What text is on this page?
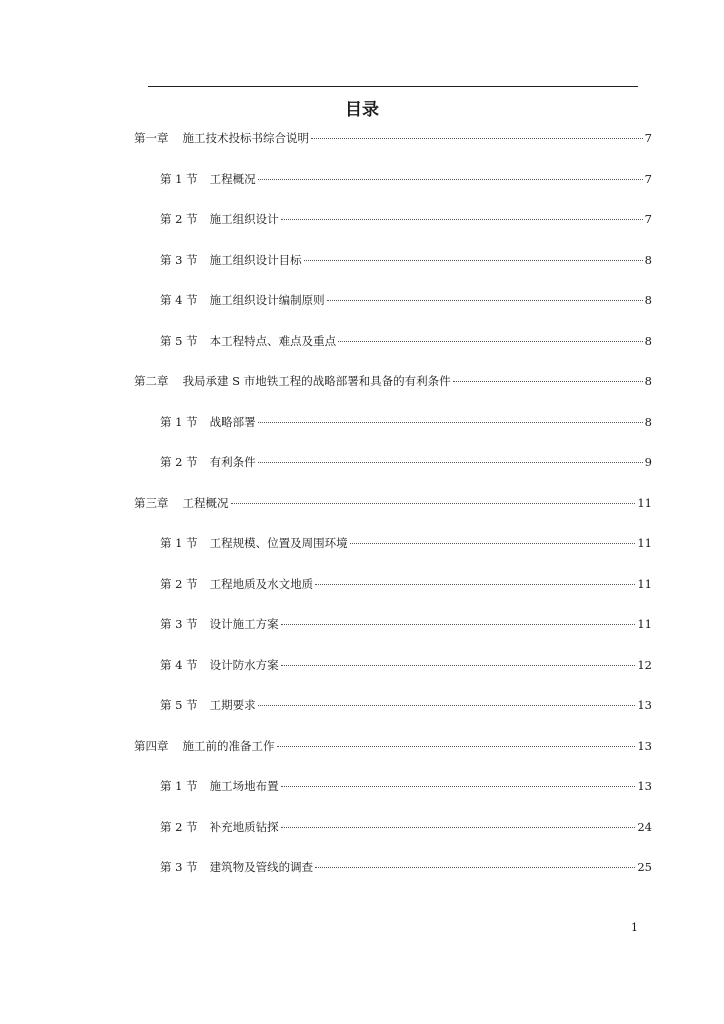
目录
第一章 施工技术投标书综合说明	7
第 1 节 工程概况	7
第 2 节 施工组织设计	7
第 3 节 施工组织设计目标	8
第 4 节 施工组织设计编制原则	8
第 5 节 本工程特点、难点及重点	8
第二章 我局承建 S 市地铁工程的战略部署和具备的有利条件	8
第 1 节 战略部署	8
第 2 节 有利条件	9
第三章 工程概况	11
第 1 节 工程规模、位置及周围环境	11
第 2 节 工程地质及水文地质	11
第 3 节 设计施工方案	11
第 4 节 设计防水方案	12
第 5 节 工期要求	13
第四章 施工前的准备工作	13
第 1 节 施工场地布置	13
第 2 节 补充地质钻探	24
第 3 节 建筑物及管线的调查	25
1
